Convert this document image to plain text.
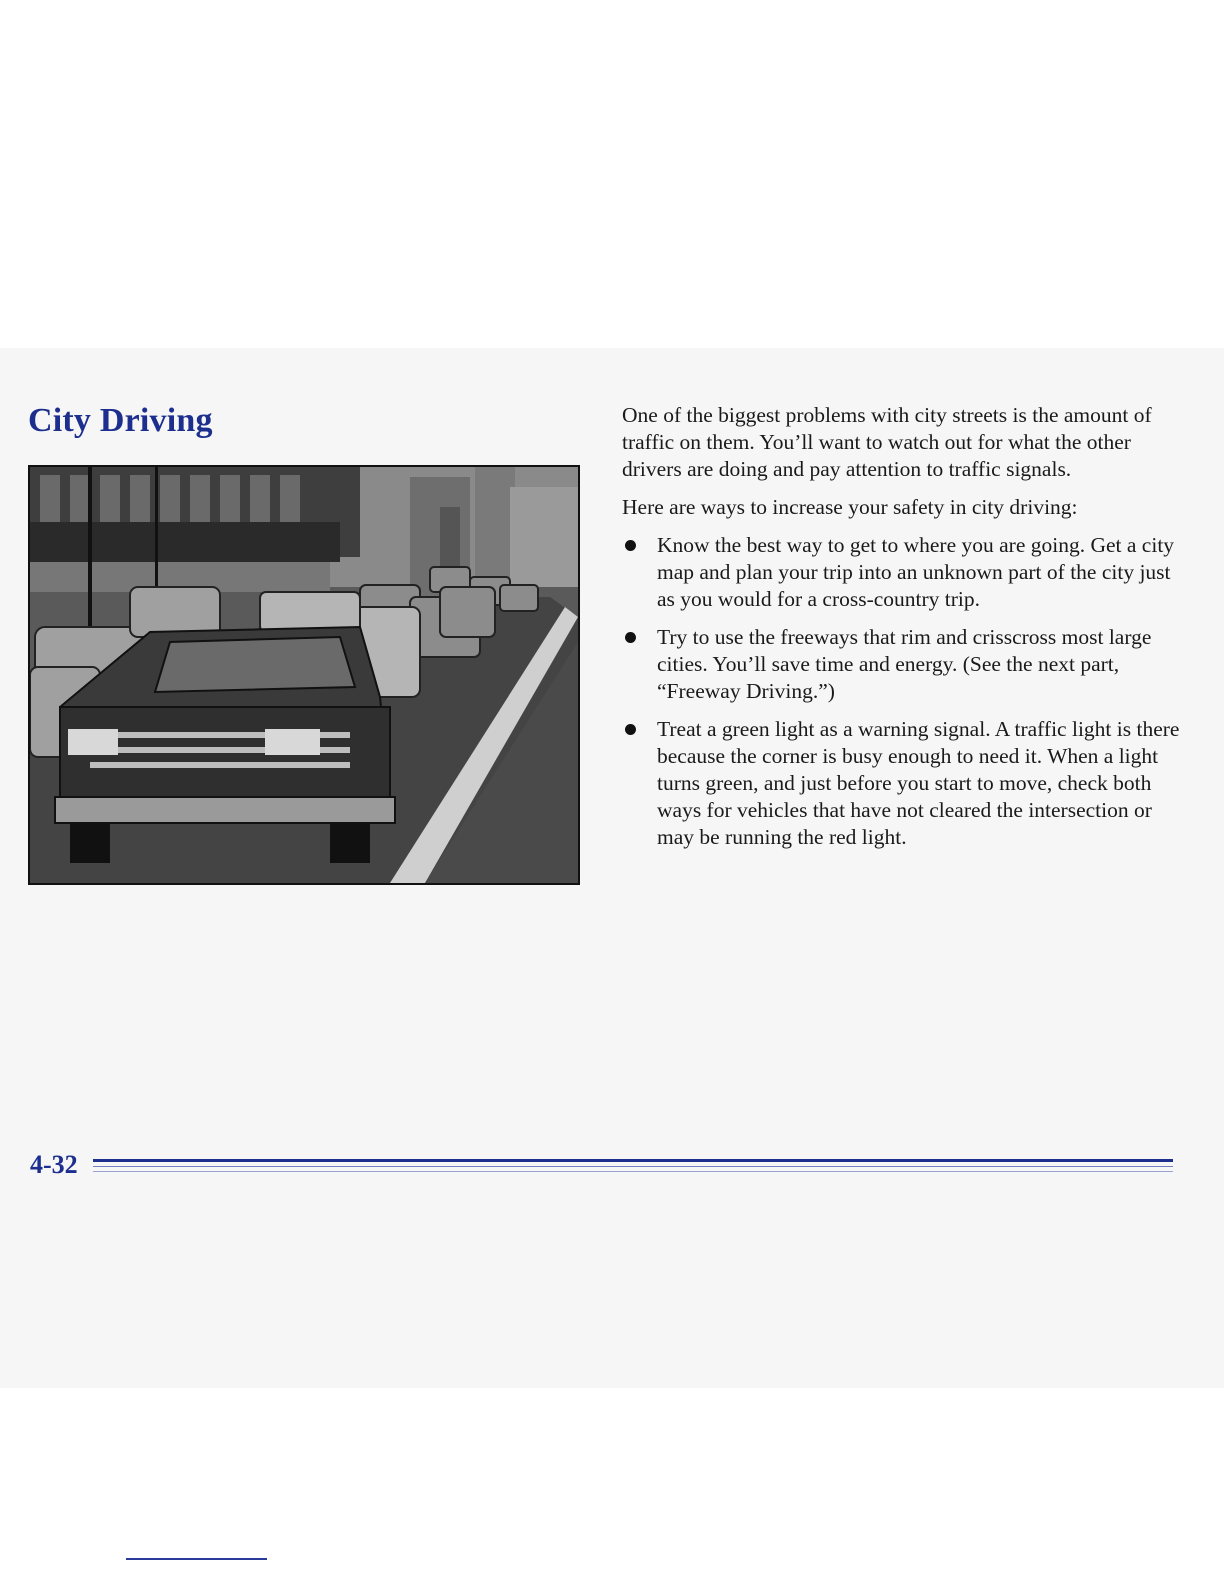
City Driving	One of the biggest problems with city streets is the amount of traffic on them. You’ll want to watch out for what the other drivers are doing and pay attention to traffic signals.

Here are ways to increase your safety in city driving:

Know the best way to get to where you are going. Get a city map and plan your trip into an unknown part of the city just as you would for a cross-country trip.
Try to use the freeways that rim and crisscross most large cities. You’ll save time and energy. (See the next part, “Freeway Driving.”)
Treat a green light as a warning signal. A traffic light is there because the corner is busy enough to need it. When a light turns green, and just before you start to move, check both ways for vehicles that have not cleared the intersection or may be running the red light.
4-32
